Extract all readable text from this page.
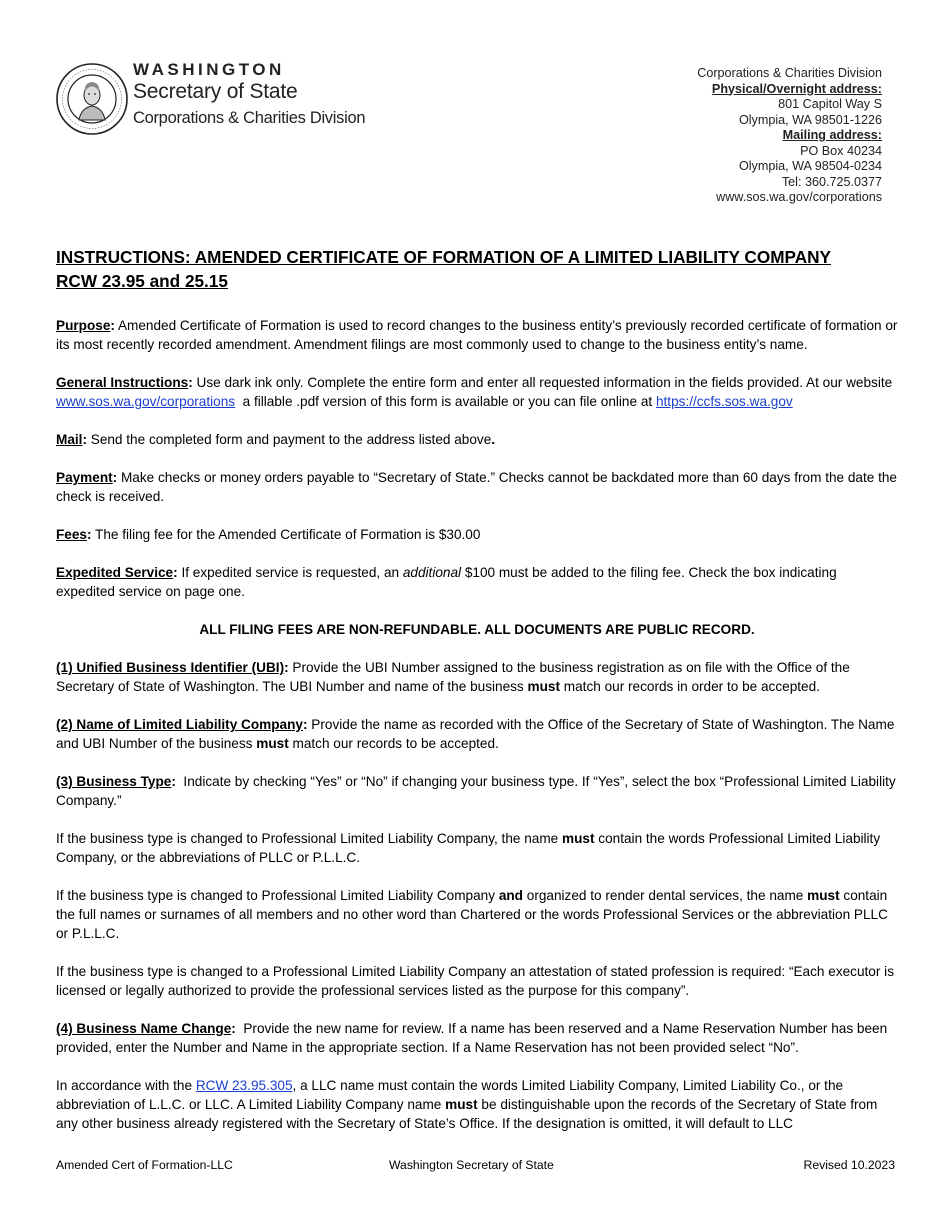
WASHINGTON
Secretary of State
Corporations & Charities Division
Corporations & Charities Division
Physical/Overnight address:
801 Capitol Way S
Olympia, WA 98501-1226
Mailing address:
PO Box 40234
Olympia, WA 98504-0234
Tel: 360.725.0377
www.sos.wa.gov/corporations
INSTRUCTIONS: AMENDED CERTIFICATE OF FORMATION OF A LIMITED LIABILITY COMPANY
RCW 23.95 and 25.15

Purpose: Amended Certificate of Formation is used to record changes to the business entity’s previously recorded certificate of formation or its most recently recorded amendment. Amendment filings are most commonly used to change to the business entity’s name.

General Instructions: Use dark ink only. Complete the entire form and enter all requested information in the fields provided. At our website www.sos.wa.gov/corporations a fillable .pdf version of this form is available or you can file online at https://ccfs.sos.wa.gov

Mail: Send the completed form and payment to the address listed above.

Payment: Make checks or money orders payable to “Secretary of State.” Checks cannot be backdated more than 60 days from the date the check is received.

Fees: The filing fee for the Amended Certificate of Formation is $30.00

Expedited Service: If expedited service is requested, an additional $100 must be added to the filing fee. Check the box indicating expedited service on page one.

ALL FILING FEES ARE NON-REFUNDABLE. ALL DOCUMENTS ARE PUBLIC RECORD.

(1) Unified Business Identifier (UBI): Provide the UBI Number assigned to the business registration as on file with the Office of the Secretary of State of Washington. The UBI Number and name of the business must match our records in order to be accepted.

(2) Name of Limited Liability Company: Provide the name as recorded with the Office of the Secretary of State of Washington. The Name and UBI Number of the business must match our records to be accepted.

(3) Business Type: Indicate by checking “Yes” or “No” if changing your business type. If “Yes”, select the box “Professional Limited Liability Company.”

If the business type is changed to Professional Limited Liability Company, the name must contain the words Professional Limited Liability Company, or the abbreviations of PLLC or P.L.L.C.

If the business type is changed to Professional Limited Liability Company and organized to render dental services, the name must contain the full names or surnames of all members and no other word than Chartered or the words Professional Services or the abbreviation PLLC or P.L.L.C.

If the business type is changed to a Professional Limited Liability Company an attestation of stated profession is required: “Each executor is licensed or legally authorized to provide the professional services listed as the purpose for this company”.

(4) Business Name Change: Provide the new name for review. If a name has been reserved and a Name Reservation Number has been provided, enter the Number and Name in the appropriate section. If a Name Reservation has not been provided select “No”.

In accordance with the RCW 23.95.305, a LLC name must contain the words Limited Liability Company, Limited Liability Co., or the abbreviation of L.L.C. or LLC. A Limited Liability Company name must be distinguishable upon the records of the Secretary of State from any other business already registered with the Secretary of State’s Office. If the designation is omitted, it will default to LLC

Amended Cert of Formation-LLC	Washington Secretary of State	Revised 10.2023
